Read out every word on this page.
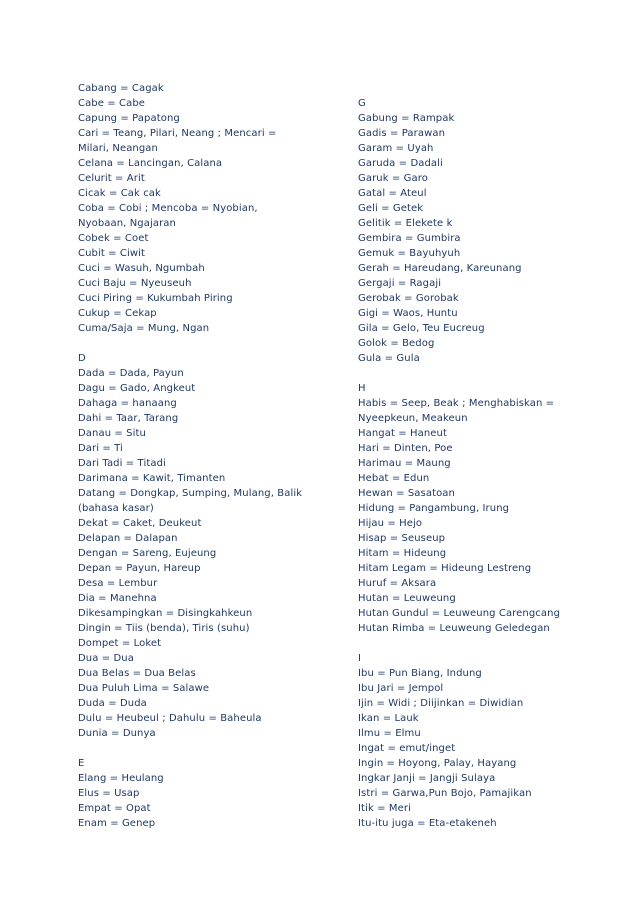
Cabang = Cagak
Cabe = Cabe
Capung = Papatong
Cari = Teang, Pilari, Neang ; Mencari =
Milari, Neangan
Celana = Lancingan, Calana
Celurit = Arit
Cicak = Cak cak
Coba = Cobi ; Mencoba = Nyobian,
Nyobaan, Ngajaran
Cobek = Coet
Cubit = Ciwit
Cuci = Wasuh, Ngumbah
Cuci Baju = Nyeuseuh
Cuci Piring = Kukumbah Piring
Cukup = Cekap
Cuma/Saja = Mung, Ngan
D
Dada = Dada, Payun
Dagu = Gado, Angkeut
Dahaga = hanaang
Dahi = Taar, Tarang
Danau = Situ
Dari = Ti
Dari Tadi = Titadi
Darimana = Kawit, Timanten
Datang = Dongkap, Sumping, Mulang, Balik
(bahasa kasar)
Dekat = Caket, Deukeut
Delapan = Dalapan
Dengan = Sareng, Eujeung
Depan = Payun, Hareup
Desa = Lembur
Dia = Manehna
Dikesampingkan = Disingkahkeun
Dingin = Tiis (benda), Tiris (suhu)
Dompet = Loket
Dua = Dua
Dua Belas = Dua Belas
Dua Puluh Lima = Salawe
Duda = Duda
Dulu = Heubeul ; Dahulu = Baheula
Dunia = Dunya
E
Elang = Heulang
Elus = Usap
Empat = Opat
Enam = Genep
G
Gabung = Rampak
Gadis = Parawan
Garam = Uyah
Garuda = Dadali
Garuk = Garo
Gatal = Ateul
Geli = Getek
Gelitik = Elekete k
Gembira = Gumbira
Gemuk = Bayuhyuh
Gerah = Hareudang, Kareunang
Gergaji = Ragaji
Gerobak = Gorobak
Gigi = Waos, Huntu
Gila = Gelo, Teu Eucreug
Golok = Bedog
Gula = Gula
H
Habis = Seep, Beak ; Menghabiskan =
Nyeepkeun, Meakeun
Hangat = Haneut
Hari = Dinten, Poe
Harimau = Maung
Hebat = Edun
Hewan = Sasatoan
Hidung = Pangambung, Irung
Hijau = Hejo
Hisap = Seuseup
Hitam = Hideung
Hitam Legam = Hideung Lestreng
Huruf = Aksara
Hutan = Leuweung
Hutan Gundul = Leuweung Carengcang
Hutan Rimba = Leuweung Geledegan
I
Ibu = Pun Biang, Indung
Ibu Jari = Jempol
Ijin = Widi ; Diijinkan = Diwidian
Ikan = Lauk
Ilmu = Elmu
Ingat = emut/inget
Ingin = Hoyong, Palay, Hayang
Ingkar Janji = Jangji Sulaya
Istri = Garwa,Pun Bojo, Pamajikan
Itik = Meri
Itu-itu juga = Eta-etakeneh
